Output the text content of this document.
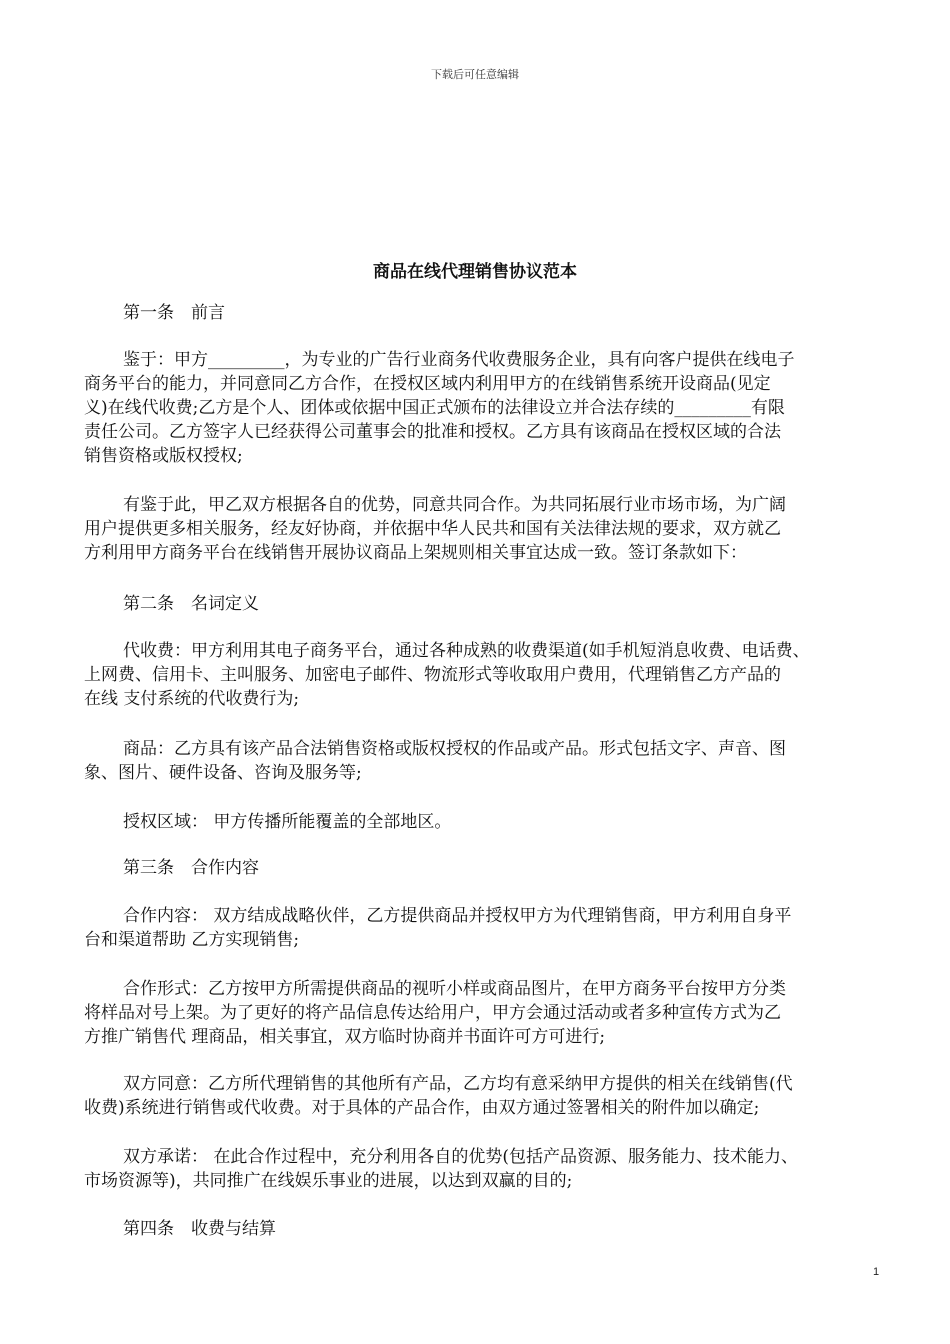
下载后可任意编辑
商品在线代理销售协议范本
第一条　前言
鉴于：甲方_________，为专业的广告行业商务代收费服务企业，具有向客户提供在线电子
商务平台的能力，并同意同乙方合作，在授权区域内利用甲方的在线销售系统开设商品(见定
义)在线代收费;乙方是个人、团体或依据中国正式颁布的法律设立并合法存续的_________有限
责任公司。乙方签字人已经获得公司董事会的批准和授权。乙方具有该商品在授权区域的合法
销售资格或版权授权;
有鉴于此，甲乙双方根据各自的优势，同意共同合作。为共同拓展行业市场市场，为广阔
用户提供更多相关服务，经友好协商，并依据中华人民共和国有关法律法规的要求，双方就乙
方利用甲方商务平台在线销售开展协议商品上架规则相关事宜达成一致。签订条款如下：
第二条　名词定义
代收费：甲方利用其电子商务平台，通过各种成熟的收费渠道(如手机短消息收费、电话费、
上网费、信用卡、主叫服务、加密电子邮件、物流形式等收取用户费用，代理销售乙方产品的
在线 支付系统的代收费行为;
商品：乙方具有该产品合法销售资格或版权授权的作品或产品。形式包括文字、声音、图
象、图片、硬件设备、咨询及服务等;
授权区域： 甲方传播所能覆盖的全部地区。
第三条　合作内容
合作内容： 双方结成战略伙伴，乙方提供商品并授权甲方为代理销售商，甲方利用自身平
台和渠道帮助 乙方实现销售;
合作形式：乙方按甲方所需提供商品的视听小样或商品图片，在甲方商务平台按甲方分类
将样品对号上架。为了更好的将产品信息传达给用户，甲方会通过活动或者多种宣传方式为乙
方推广销售代 理商品，相关事宜，双方临时协商并书面许可方可进行;
双方同意：乙方所代理销售的其他所有产品，乙方均有意采纳甲方提供的相关在线销售(代
收费)系统进行销售或代收费。对于具体的产品合作，由双方通过签署相关的附件加以确定;
双方承诺： 在此合作过程中，充分利用各自的优势(包括产品资源、服务能力、技术能力、
市场资源等)，共同推广在线娱乐事业的进展，以达到双赢的目的;
第四条　收费与结算
1
